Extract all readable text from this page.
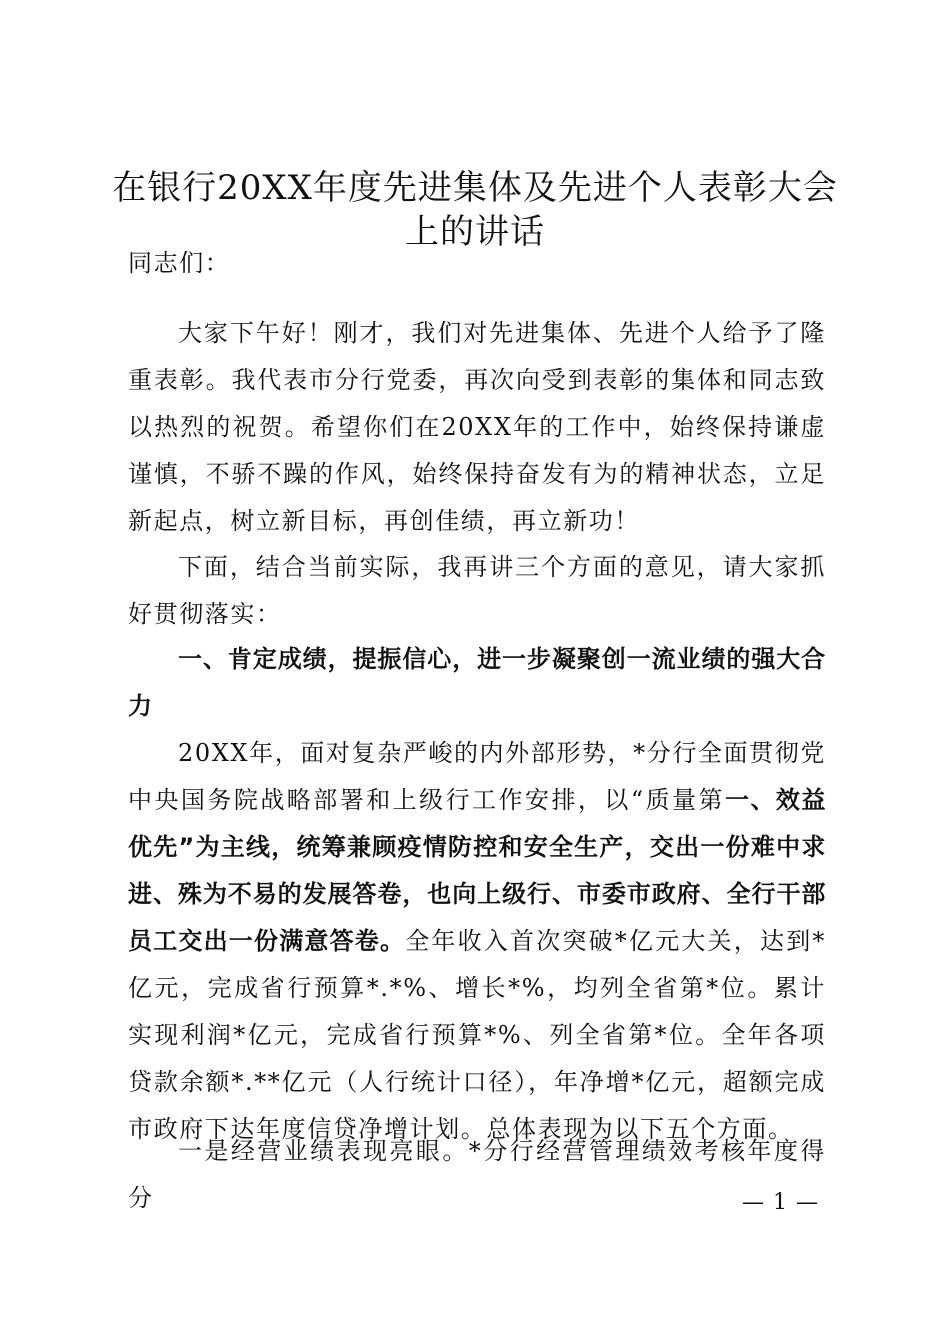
在银行20XX年度先进集体及先进个人表彰大会上的讲话

同志们：

大家下午好！刚才，我们对先进集体、先进个人给予了隆重表彰。我代表市分行党委，再次向受到表彰的集体和同志致以热烈的祝贺。希望你们在20XX年的工作中，始终保持谦虚谨慎，不骄不躁的作风，始终保持奋发有为的精神状态，立足新起点，树立新目标，再创佳绩，再立新功！

下面，结合当前实际，我再讲三个方面的意见，请大家抓好贯彻落实：

一、肯定成绩，提振信心，进一步凝聚创一流业绩的强大合力

20XX年，面对复杂严峻的内外部形势，*分行全面贯彻党中央国务院战略部署和上级行工作安排，以“质量第一、效益优先”为主线，统筹兼顾疫情防控和安全生产，交出一份难中求进、殊为不易的发展答卷，也向上级行、市委市政府、全行干部员工交出一份满意答卷。全年收入首次突破*亿元大关，达到*亿元，完成省行预算*.*%、增长*%，均列全省第*位。累计实现利润*亿元，完成省行预算*%、列全省第*位。全年各项贷款余额*.**亿元（人行统计口径），年净增*亿元，超额完成市政府下达年度信贷净增计划。总体表现为以下五个方面。

一是经营业绩表现亮眼。*分行经营管理绩效考核年度得分	— 1 —
